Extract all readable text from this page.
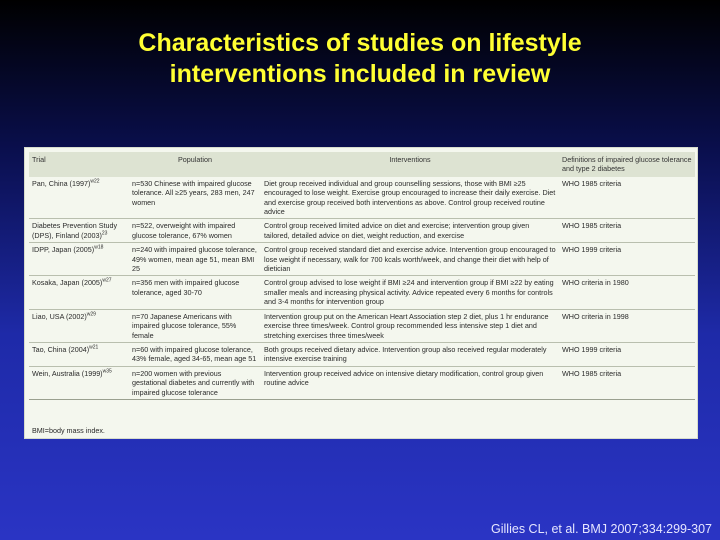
Characteristics of studies on lifestyle
interventions included in review
Trial	Population	Interventions	Definitions of impaired glucose tolerance and type 2 diabetes
Pan, China $(1997)^{w22}$	n=530 Chinese with impaired glucose tolerance. All ≥25 years, 283 men, 247 women	Diet group received individual and group counselling sessions, those with BMI ≥25 encouraged to lose weight. Exercise group encouraged to increase their daily exercise. Diet and exercise group received both interventions as above. Control group received routine advice	WHO 1985 criteria
Diabetes Prevention Study (DPS), Finland $(2003)^{23}$	n=522, overweight with impaired glucose tolerance, 67% women	Control group received limited advice on diet and exercise; intervention group given tailored, detailed advice on diet, weight reduction, and exercise	WHO 1985 criteria
IDPP, Japan $(2005)^{w18}$	n=240 with impaired glucose tolerance, 49% women, mean age 51, mean BMI 25	Control group received standard diet and exercise advice. Intervention group encouraged to lose weight if necessary, walk for 700 kcals worth/week, and change their diet with help of dietician	WHO 1999 criteria
Kosaka, Japan $(2005)^{w27}$	n=356 men with impaired glucose tolerance, aged 30-70	Control group advised to lose weight if BMI ≥24 and intervention group if BMI ≥22 by eating smaller meals and increasing physical activity. Advice repeated every 6 months for controls and 3-4 months for intervention group	WHO criteria in 1980
Liao, USA $(2002)^{w29}$	n=70 Japanese Americans with impaired glucose tolerance, 55% female	Intervention group put on the American Heart Association step 2 diet, plus 1 hr endurance exercise three times/week. Control group recommended less intensive step 1 diet and stretching exercises three times/week	WHO criteria in 1998
Tao, China $(2004)^{w21}$	n=60 with impaired glucose tolerance, 43% female, aged 34-65, mean age 51	Both groups received dietary advice. Intervention group also received regular moderately intensive exercise training	WHO 1999 criteria
Wein, Australia $(1999)^{w35}$	n=200 women with previous gestational diabetes and currently with impaired glucose tolerance	Intervention group received advice on intensive dietary modification, control group given routine advice	WHO 1985 criteria
BMI=body mass index.
Gillies CL, et al. BMJ 2007;334:299-307
